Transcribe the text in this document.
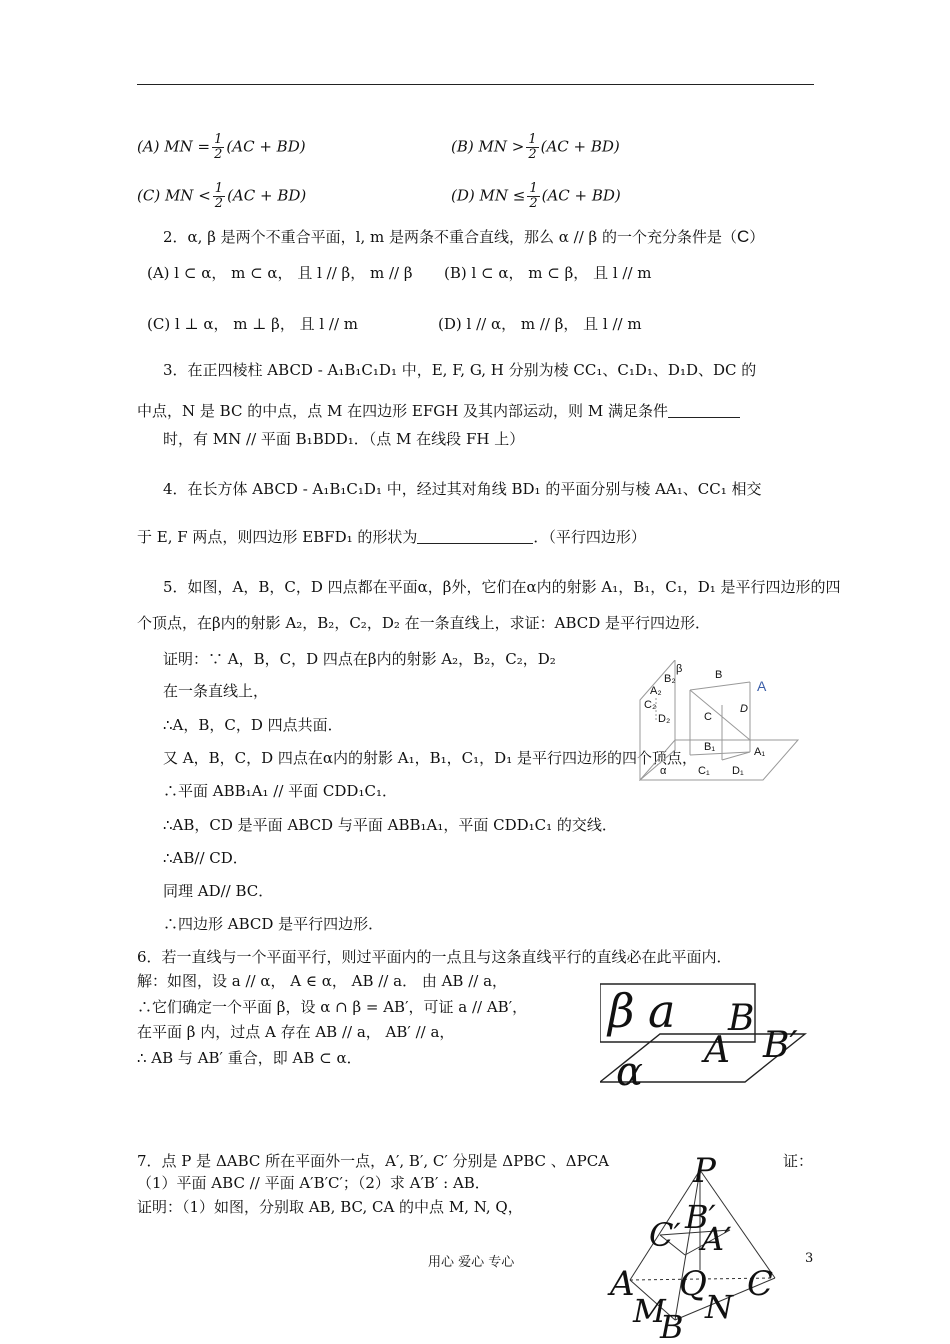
(A) MN = $\frac{1}{2} (AC + BD)$	(B) MN > $\frac{1}{2} (AC + BD)$
(C) MN < $\frac{1}{2} (AC + BD)$	(D) MN ≤ $\frac{1}{2} (AC + BD)$
2．α, β 是两个不重合平面，l, m 是两条不重合直线，那么 α // β 的一个充分条件是（C）
(A) l ⊂ α， m ⊂ α， 且 l // β， m // β (B) l ⊂ α， m ⊂ β， 且 l // m
(C) l ⊥ α， m ⊥ β， 且 l // m	(D) l // α， m // β， 且 l // m
3．在正四棱柱 ABCD - A₁B₁C₁D₁ 中，E, F, G, H 分别为棱 CC₁、C₁D₁、D₁D、DC 的
中点，N 是 BC 的中点，点 M 在四边形 EFGH 及其内部运动，则 M 满足条件
时，有 MN // 平面 B₁BDD₁．（点 M 在线段 FH 上）
4．在长方体 ABCD - A₁B₁C₁D₁ 中，经过其对角线 BD₁ 的平面分别与棱 AA₁、CC₁ 相交
于 E, F 两点，则四边形 EBFD₁ 的形状为	．（平行四边形）
5．如图，A，B，C，D 四点都在平面α，β外，它们在α内的射影 A₁，B₁，C₁，D₁ 是平行四边形的四
个顶点，在β内的射影 A₂，B₂，C₂，D₂ 在一条直线上，求证：ABCD 是平行四边形．
证明：∵ A，B，C，D 四点在β内的射影 A₂，B₂，C₂，D₂
在一条直线上，
∴A，B，C，D 四点共面．
又 A，B，C，D 四点在α内的射影 A₁，B₁，C₁，D₁ 是平行四边形的四个顶点，
∴平面 ABB₁A₁ // 平面 CDD₁C₁．
∴AB，CD 是平面 ABCD 与平面 ABB₁A₁，平面 CDD₁C₁ 的交线．
∴AB// CD．
同理 AD// BC．
∴四边形 ABCD 是平行四边形．
β
B₂
A₂
C₂
D₂
B
A
C
D
B₁	A₁
α	C₁ D₁
6．若一直线与一个平面平行，则过平面内的一点且与这条直线平行的直线必在此平面内．
解：如图，设 a // α， A ∈ α， AB // a． 由 AB // a，
∴它们确定一个平面 β，设 α ∩ β = AB′，可证 a // AB′，
在平面 β 内，过点 A 存在 AB // a， AB′ // a，
∴ AB 与 AB′ 重合，即 AB ⊂ α．
β a B
A B′
α
7．点 P 是 ΔABC 所在平面外一点，A′, B′, C′ 分别是 ΔPBC 、ΔPCA	证：
（1）平面 ABC // 平面 A′B′C′；（2）求 A′B′ : AB．
证明：（1）如图，分别取 AB, BC, CA 的中点 M, N, Q，
P
B′
C′ A′
A Q C
M N
B
用心 爱心 专心	3
